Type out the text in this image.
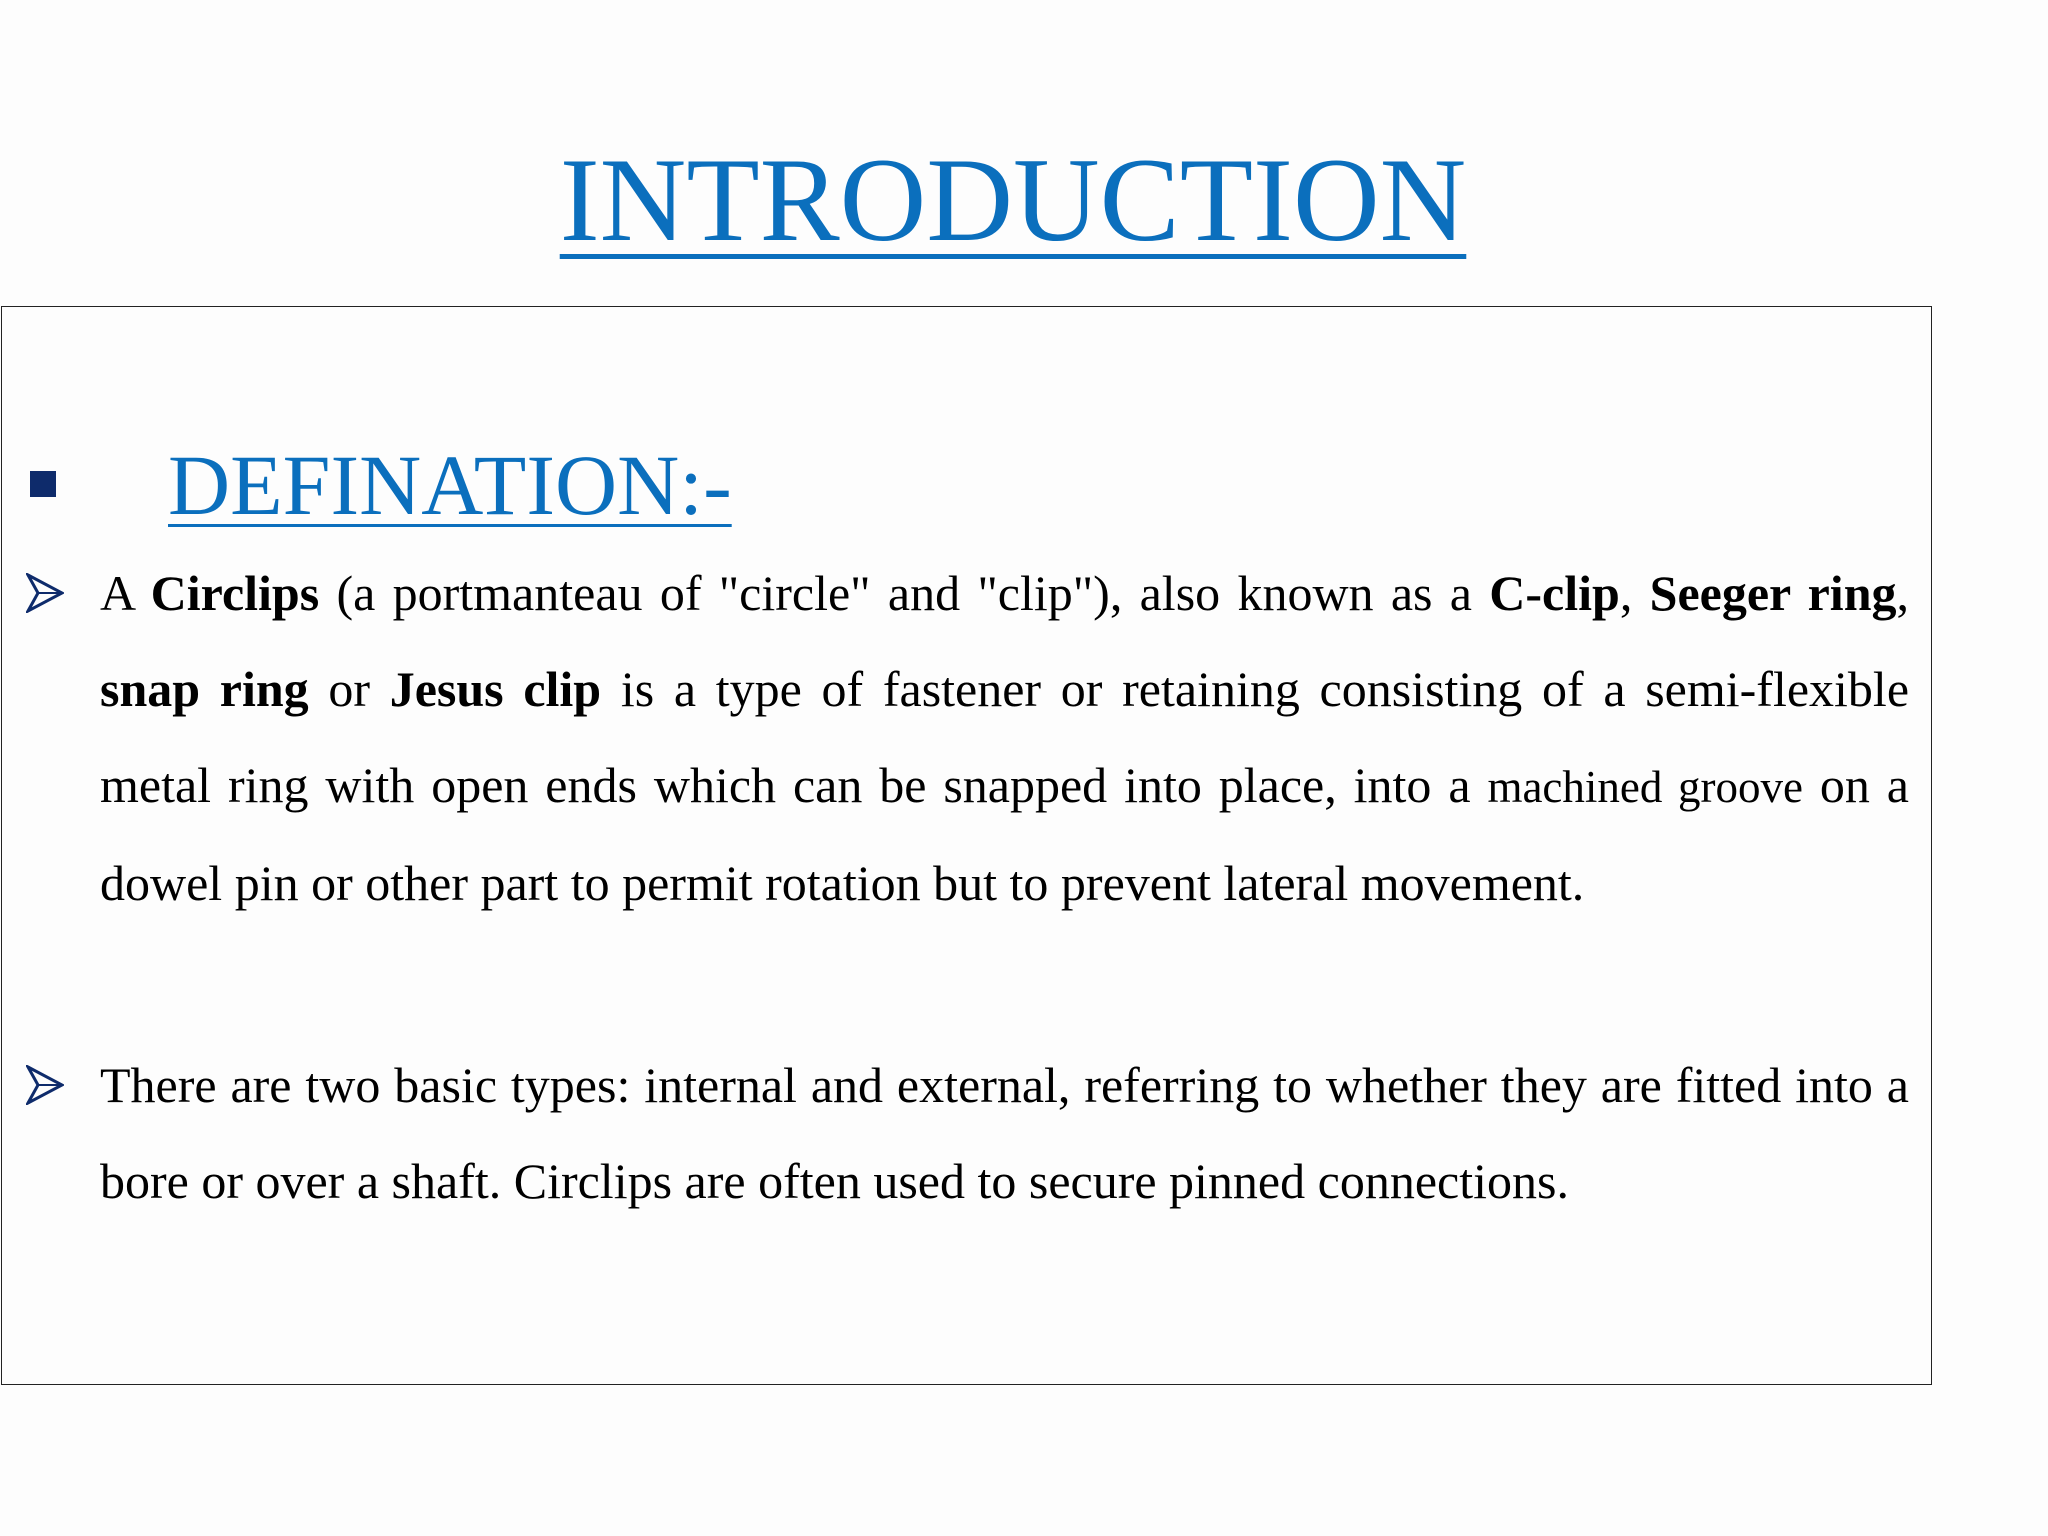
INTRODUCTION
DEFINATION:-

A Circlips (a portmanteau of "circle" and "clip"), also known as a C-clip, Seeger ring, snap ring or Jesus clip is a type of fastener or retaining consisting of a semi-flexible metal ring with open ends which can be snapped into place, into a machined groove on a dowel pin or other part to permit rotation but to prevent lateral movement.

There are two basic types: internal and external, referring to whether they are fitted into a bore or over a shaft. Circlips are often used to secure pinned connections.
